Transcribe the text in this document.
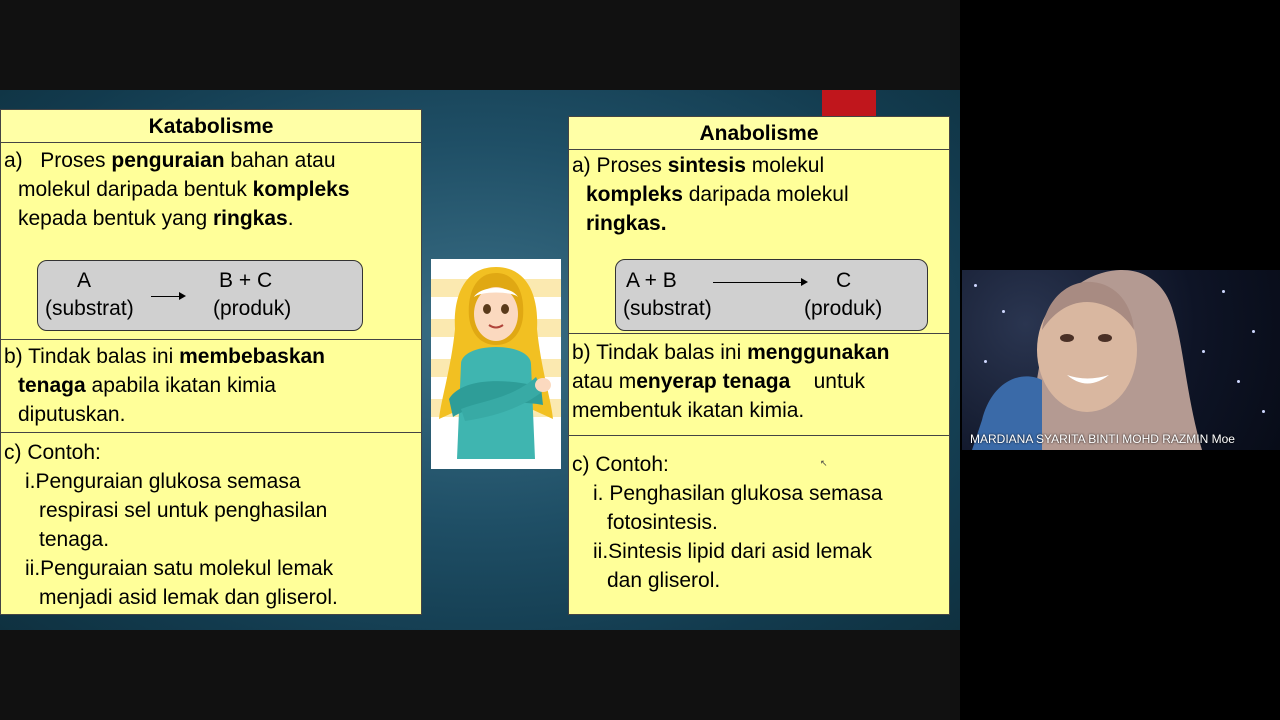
Katabolisme
a) Proses penguraian bahan atau
molekul daripada bentuk kompleks
kepada bentuk yang ringkas.
A	B + C
(substrat)	(produk)
b) Tindak balas ini membebaskan
tenaga apabila ikatan kimia
diputuskan.
c) Contoh:
i.Penguraian glukosa semasa
respirasi sel untuk penghasilan
tenaga.
ii.Penguraian satu molekul lemak
menjadi asid lemak dan gliserol.
Anabolisme
a) Proses sintesis molekul
kompleks daripada molekul
ringkas.
A + B	C
(substrat)	(produk)
b) Tindak balas ini menggunakan
atau menyerap tenaga    untuk
membentuk ikatan kimia.
c) Contoh:
i. Penghasilan glukosa semasa
fotosintesis.
ii.Sintesis lipid dari asid lemak
dan gliserol.
↖
MARDIANA SYARITA BINTI MOHD RAZMIN Moe
